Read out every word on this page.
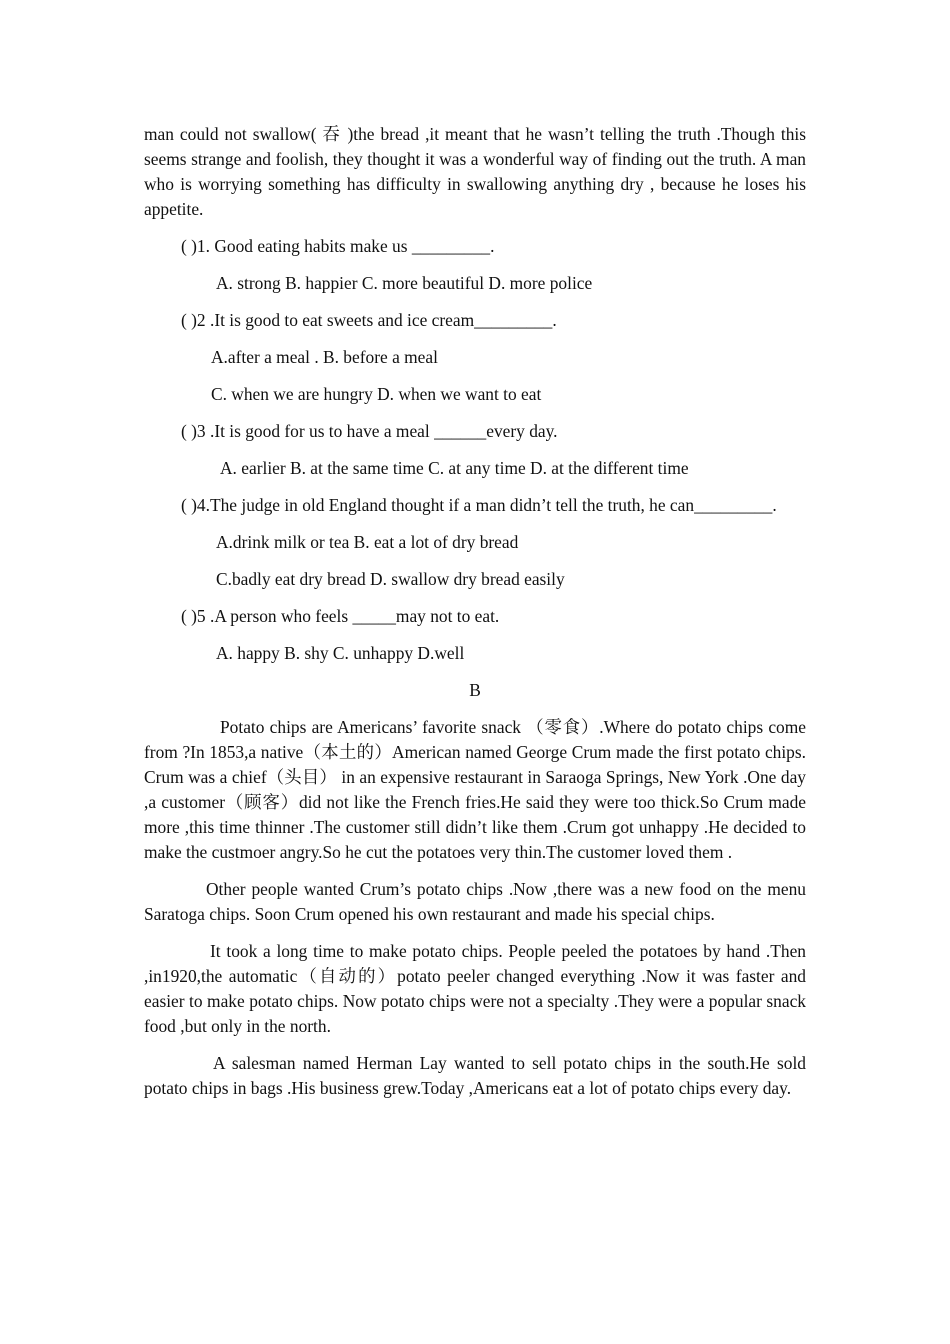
man could not swallow( 吞 )the bread ,it meant that he wasn’t telling the truth .Though this seems strange and foolish, they thought it was a wonderful way of finding out the truth. A man who is worrying something has difficulty in swallowing anything dry , because he loses his appetite.

( )1. Good eating habits make us _________.

A. strong B. happier C. more beautiful D. more police

( )2 .It is good to eat sweets and ice cream_________.

A.after a meal . B. before a meal

C. when we are hungry D. when we want to eat

( )3 .It is good for us to have a meal ______every day.

A. earlier B. at the same time C. at any time D. at the different time

( )4.The judge in old England thought if a man didn’t tell the truth, he can_________.

A.drink milk or tea B. eat a lot of dry bread

C.badly eat dry bread D. swallow dry bread easily

( )5 .A person who feels _____may not to eat.

A. happy B. shy C. unhappy D.well

B

Potato chips are Americans’ favorite snack （零食）.Where do potato chips come from ?In 1853,a native（本土的）American named George Crum made the first potato chips. Crum was a chief（头目） in an expensive restaurant in Saraoga Springs, New York .One day ,a customer（顾客）did not like the French fries.He said they were too thick.So Crum made more ,this time thinner .The customer still didn’t like them .Crum got unhappy .He decided to make the custmoer angry.So he cut the potatoes very thin.The customer loved them .

Other people wanted Crum’s potato chips .Now ,there was a new food on the menu Saratoga chips. Soon Crum opened his own restaurant and made his special chips.

It took a long time to make potato chips. People peeled the potatoes by hand .Then ,in1920,the automatic（自动的）potato peeler changed everything .Now it was faster and easier to make potato chips. Now potato chips were not a specialty .They were a popular snack food ,but only in the north.

A salesman named Herman Lay wanted to sell potato chips in the south.He sold potato chips in bags .His business grew.Today ,Americans eat a lot of potato chips every day.
